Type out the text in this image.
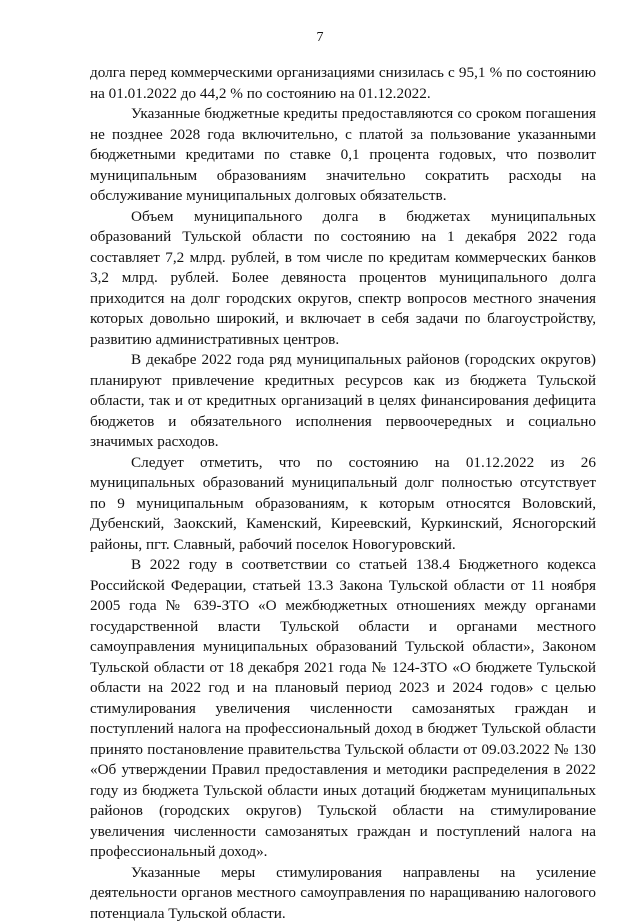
7

долга перед коммерческими организациями снизилась с 95,1 % по состоянию на 01.01.2022 до 44,2 % по состоянию на 01.12.2022.

Указанные бюджетные кредиты предоставляются со сроком погашения не позднее 2028 года включительно, с платой за пользование указанными бюджетными кредитами по ставке 0,1 процента годовых, что позволит муниципальным образованиям значительно сократить расходы на обслуживание муниципальных долговых обязательств.

Объем муниципального долга в бюджетах муниципальных образований Тульской области по состоянию на 1 декабря 2022 года составляет 7,2 млрд. рублей, в том числе по кредитам коммерческих банков 3,2 млрд. рублей. Более девяноста процентов муниципального долга приходится на долг городских округов, спектр вопросов местного значения которых довольно широкий, и включает в себя задачи по благоустройству, развитию административных центров.

В декабре 2022 года ряд муниципальных районов (городских округов) планируют привлечение кредитных ресурсов как из бюджета Тульской области, так и от кредитных организаций в целях финансирования дефицита бюджетов и обязательного исполнения первоочередных и социально значимых расходов.

Следует отметить, что по состоянию на 01.12.2022 из 26 муниципальных образований муниципальный долг полностью отсутствует по 9 муниципальным образованиям, к которым относятся Воловский, Дубенский, Заокский, Каменский, Киреевский, Куркинский, Ясногорский районы, пгт. Славный, рабочий поселок Новогуровский.

В 2022 году в соответствии со статьей 138.4 Бюджетного кодекса Российской Федерации, статьей 13.3 Закона Тульской области от 11 ноября 2005 года № 639-ЗТО «О межбюджетных отношениях между органами государственной власти Тульской области и органами местного самоуправления муниципальных образований Тульской области», Законом Тульской области от 18 декабря 2021 года № 124-ЗТО «О бюджете Тульской области на 2022 год и на плановый период 2023 и 2024 годов» с целью стимулирования увеличения численности самозанятых граждан и поступлений налога на профессиональный доход в бюджет Тульской области принято постановление правительства Тульской области от 09.03.2022 № 130 «Об утверждении Правил предоставления и методики распределения в 2022 году из бюджета Тульской области иных дотаций бюджетам муниципальных районов (городских округов) Тульской области на стимулирование увеличения численности самозанятых граждан и поступлений налога на профессиональный доход».

Указанные меры стимулирования направлены на усиление деятельности органов местного самоуправления по наращиванию налогового потенциала Тульской области.
